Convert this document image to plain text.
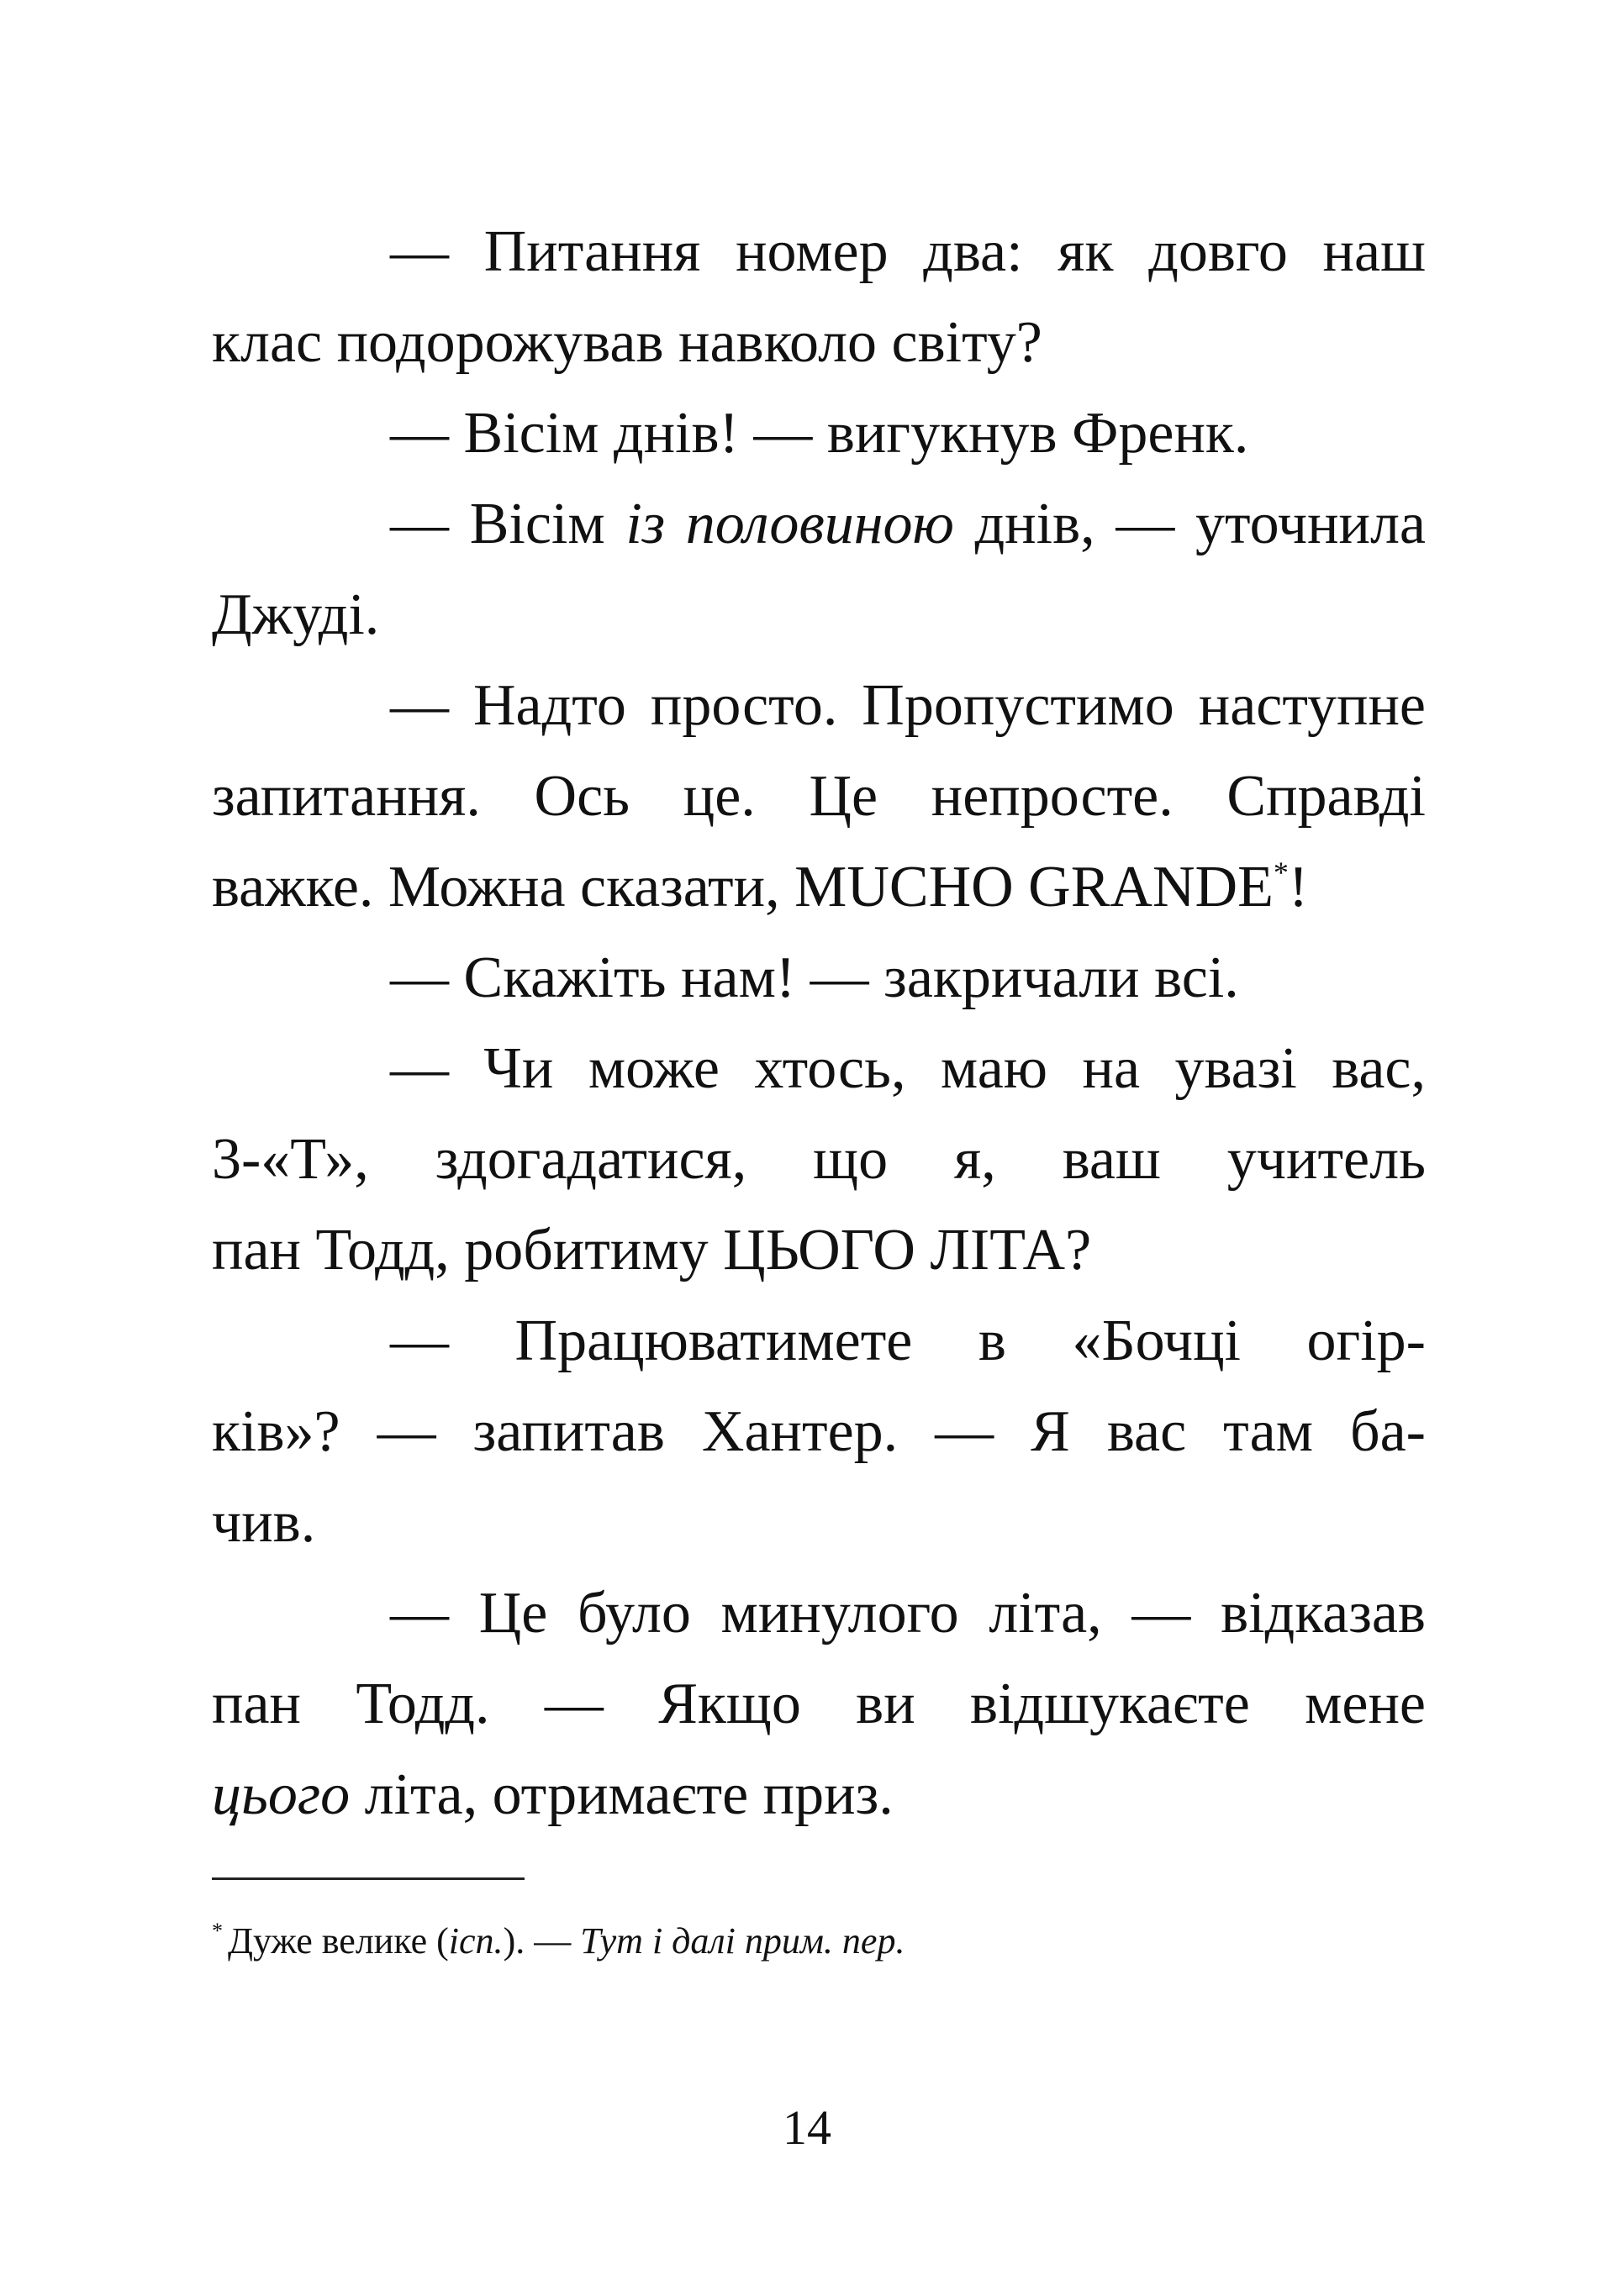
— Питання номер два: як довго наш
клас подорожував навколо світу?

— Вісім днів! — вигукнув Френк.

— Вісім із половиною днів, — уточнила
Джуді.

— Надто просто. Пропустимо наступне
запитання. Ось це. Це непросте. Справді
важке. Можна сказати, MUCHO GRANDE*!

— Скажіть нам! — закричали всі.

— Чи може хтось, маю на увазі вас,
3-«Т», здогадатися, що я, ваш учитель
пан Тодд, робитиму ЦЬОГО ЛІТА?

— Працюватимете в «Бочці огір-
ків»? — запитав Хантер. — Я вас там ба-
чив.

— Це було минулого літа, — відказав
пан Тодд. — Якщо ви відшукаєте мене
цього літа, отримаєте приз.

* Дуже велике (ісп.). — Тут і далі прим. пер.
14
